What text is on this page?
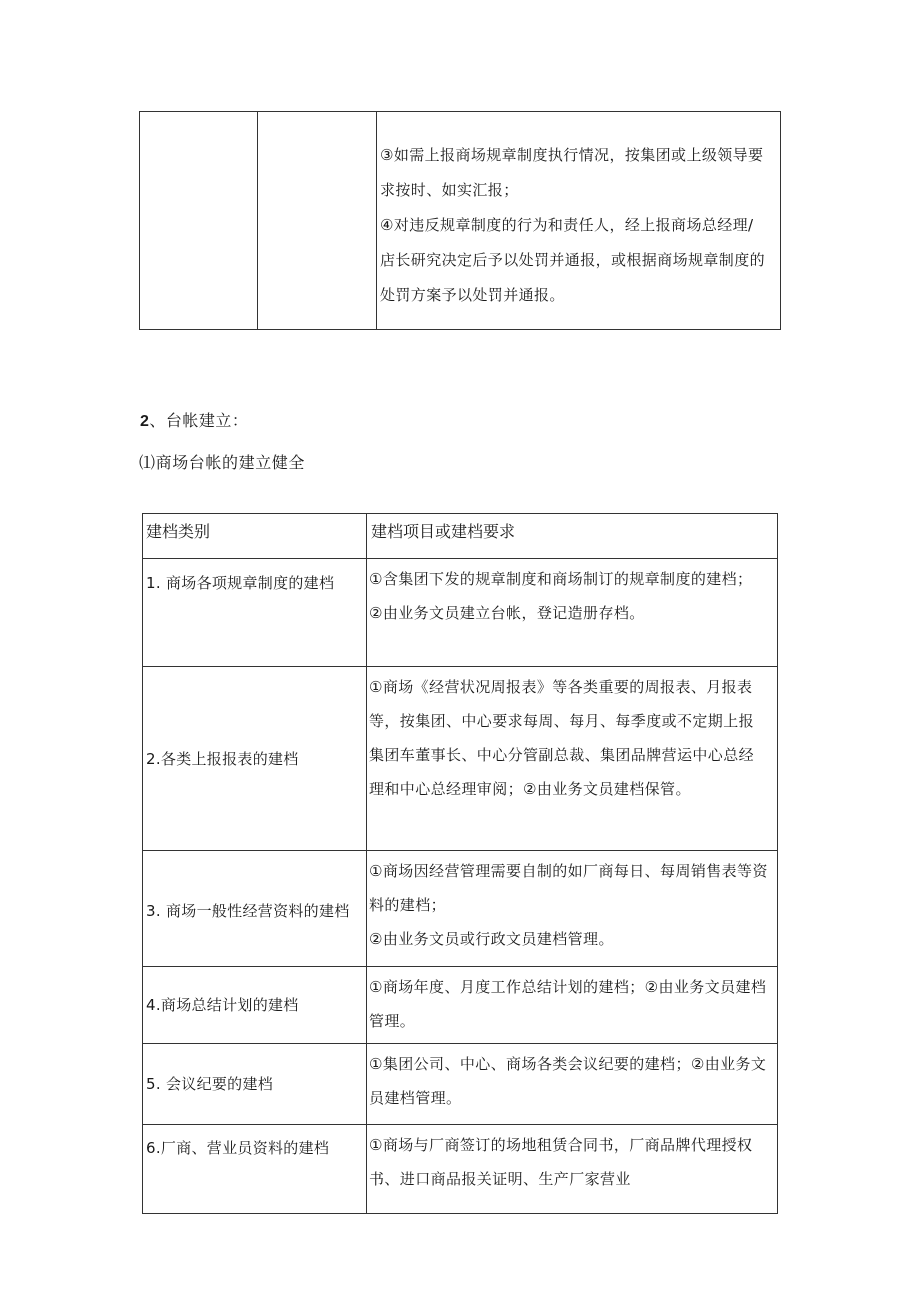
③如需上报商场规章制度执行情况，按集团或上级领导要求按时、如实汇报；

④对违反规章制度的行为和责任人，经上报商场总经理/店长研究决定后予以处罚并通报，或根据商场规章制度的处罚方案予以处罚并通报。

2、台帐建立：
⑴商场台帐的建立健全
建档类别	建档项目或建档要求
1. 商场各项规章制度的建档	①含集团下发的规章制度和商场制订的规章制度的建档；
②由业务文员建立台帐，登记造册存档。

2.各类上报报表的建档	①商场《经营状况周报表》等各类重要的周报表、月报表等，按集团、中心要求每周、每月、每季度或不定期上报集团车董事长、中心分管副总裁、集团品牌营运中心总经理和中心总经理审阅；②由业务文员建档保管。

3. 商场一般性经营资料的建档	①商场因经营管理需要自制的如厂商每日、每周销售表等资料的建档；
②由业务文员或行政文员建档管理。

4.商场总结计划的建档	①商场年度、月度工作总结计划的建档；②由业务文员建档管理。

5. 会议纪要的建档	①集团公司、中心、商场各类会议纪要的建档；②由业务文员建档管理。

6.厂商、营业员资料的建档	①商场与厂商签订的场地租赁合同书，厂商品牌代理授权书、进口商品报关证明、生产厂家营业
